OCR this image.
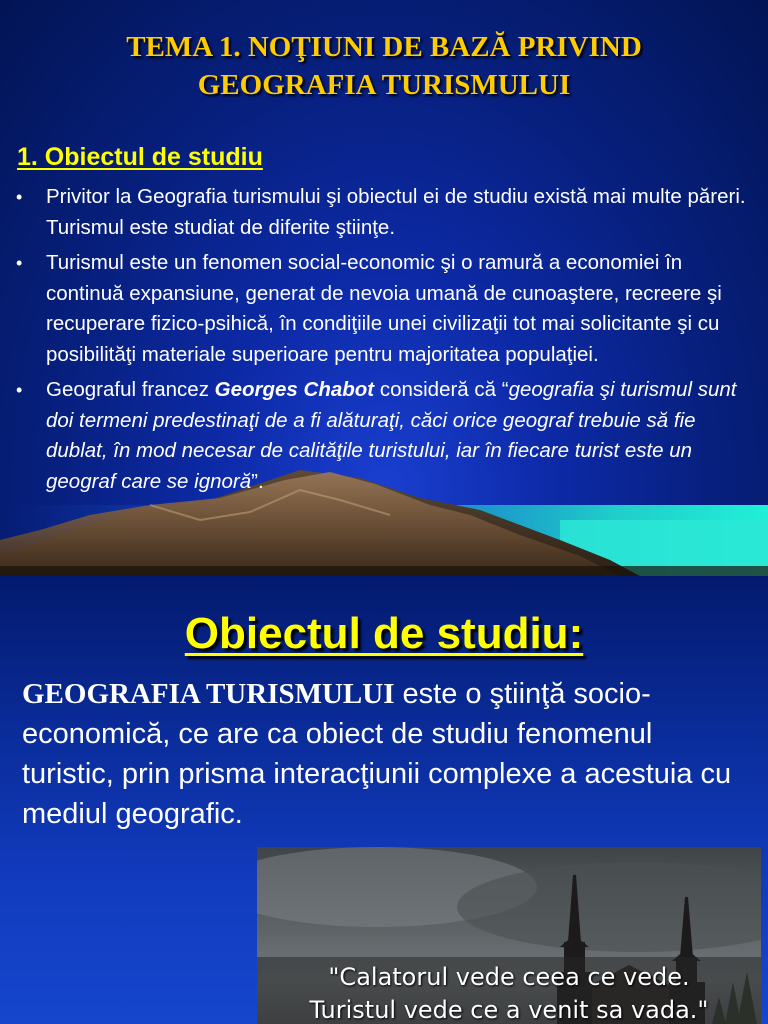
TEMA 1. NOŢIUNI DE BAZĂ PRIVIND
GEOGRAFIA TURISMULUI
1. Obiectul de studiu
• Privitor la Geografia turismului şi obiectul ei de studiu există mai multe păreri. Turismul este studiat de diferite ştiinţe.
• Turismul este un fenomen social-economic şi o ramură a economiei în continuă expansiune, generat de nevoia umană de cunoaştere, recreere şi recuperare fizico-psihică, în condiţiile unei civilizaţii tot mai solicitante şi cu posibilităţi materiale superioare pentru majoritatea populaţiei.
• Geograful francez Georges Chabot consideră că “geografia şi turismul sunt doi termeni predestinaţi de a fi alăturaţi, căci orice geograf trebuie să fie dublat, în mod necesar de calităţile turistului, iar în fiecare turist este un geograf care se ignoră”.
Obiectul de studiu:

GEOGRAFIA TURISMULUI este o ştiinţă socio-economică, ce are ca obiect de studiu fenomenul turistic, prin prisma interacţiunii complexe a acestuia cu mediul geografic.

"Calatorul vede ceea ce vede.

Turistul vede ce a venit sa vada."
